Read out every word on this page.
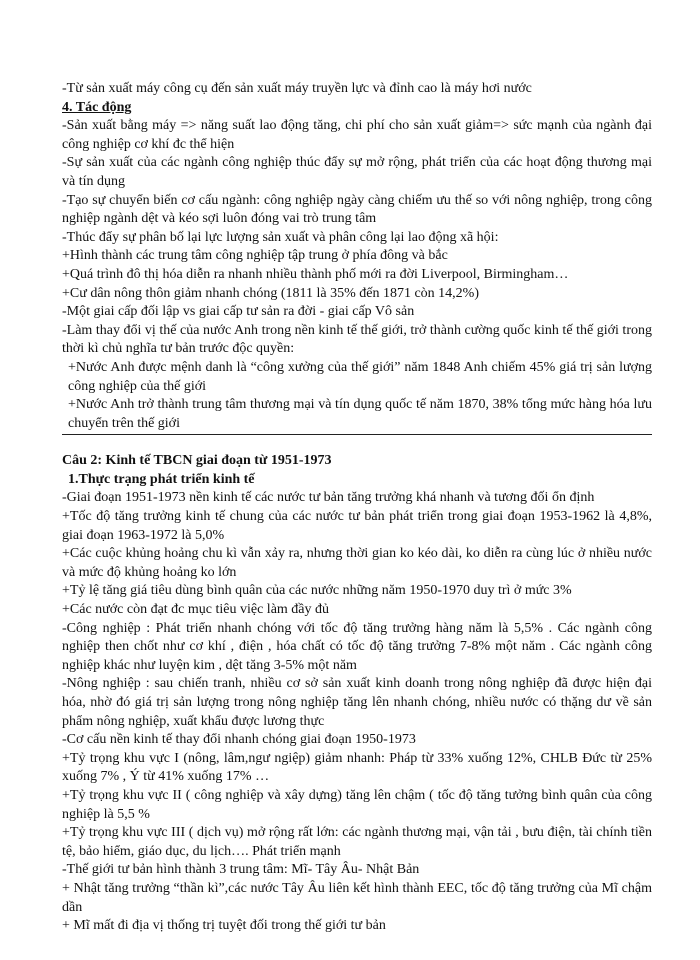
-Từ sản xuất máy công cụ đến sản xuất máy truyền lực và đỉnh cao là máy hơi nước

4. Tác động

-Sản xuất bằng máy => năng suất lao động tăng, chi phí cho sản xuất giảm=> sức mạnh của ngành đại công nghiệp cơ khí đc thể hiện

-Sự sản xuất của các ngành công nghiệp thúc đẩy sự mở rộng, phát triển của các hoạt động thương mại và tín dụng

-Tạo sự chuyển biến cơ cấu ngành: công nghiệp ngày càng chiếm ưu thế so với nông nghiệp, trong công nghiệp ngành dệt và kéo sợi luôn đóng vai trò trung tâm

-Thúc đẩy sự phân bố lại lực lượng sản xuất và phân công lại lao động xã hội:

+Hình thành các trung tâm công nghiệp tập trung ở phía đông và bắc

+Quá trình đô thị hóa diễn ra nhanh nhiều thành phố mới ra đời Liverpool, Birmingham…

+Cư dân nông thôn giảm nhanh chóng (1811 là 35% đến 1871 còn 14,2%)

-Một giai cấp đối lập vs giai cấp tư sản ra đời - giai cấp Vô sản

-Làm thay đổi vị thế của nước Anh trong nền kinh tế thế giới, trở thành cường quốc kinh tế thế giới trong thời kì chủ nghĩa tư bản trước độc quyền:

+Nước Anh được mệnh danh là “công xưởng của thế giới” năm 1848 Anh chiếm 45% giá trị sản lượng công nghiệp của thế giới

+Nước Anh trở thành trung tâm thương mại và tín dụng quốc tế năm 1870, 38% tổng mức hàng hóa lưu chuyển trên thế giới

Câu 2: Kinh tế TBCN giai đoạn từ 1951-1973

1.Thực trạng phát triển kinh tế

-Giai đoạn 1951-1973 nền kinh tế các nước tư bản tăng trưởng khá nhanh và tương đối ổn định

+Tốc độ tăng trưởng kinh tế chung của các nước tư bản phát triển trong giai đoạn 1953-1962 là 4,8%, giai đoạn 1963-1972 là 5,0%

+Các cuộc khủng hoảng chu kì vẫn xảy ra, nhưng thời gian ko kéo dài, ko diễn ra cùng lúc ở nhiều nước và mức độ khủng hoảng ko lớn

+Tỷ lệ tăng giá tiêu dùng bình quân của các nước những năm 1950-1970 duy trì ở mức 3%

+Các nước còn đạt đc mục tiêu việc làm đầy đủ

-Công nghiệp : Phát triển nhanh chóng với tốc độ tăng trưởng hàng năm là 5,5% . Các ngành công nghiệp then chốt như cơ khí , điện , hóa chất có tốc độ tăng trưởng 7-8% một năm . Các ngành công nghiệp khác như luyện kim , dệt tăng 3-5% một năm

-Nông nghiệp : sau chiến tranh, nhiều cơ sở sản xuất kinh doanh trong nông nghiệp đã được hiện đại hóa, nhờ đó giá trị sản lượng trong nông nghiệp tăng lên nhanh chóng, nhiều nước có thặng dư về sản phẩm nông nghiệp, xuất khẩu được lương thực

-Cơ cấu nền kinh tế thay đổi nhanh chóng giai đoạn 1950-1973

+Tỷ trọng khu vực I (nông, lâm,ngư ngiệp) giảm nhanh: Pháp từ 33% xuống 12%, CHLB Đức từ 25% xuống 7% , Ý từ 41% xuống 17% …

+Tỷ trọng khu vực II ( công nghiệp và xây dựng) tăng lên chậm ( tốc độ tăng tưởng bình quân của công nghiệp là 5,5 %

+Tỷ trọng khu vực III ( dịch vụ) mở rộng rất lớn: các ngành thương mại, vận tải , bưu điện, tài chính tiền tệ, bảo hiểm, giáo dục, du lịch…. Phát triển mạnh

-Thế giới tư bản hình thành 3 trung tâm: Mĩ- Tây Âu- Nhật Bản

+ Nhật tăng trưởng “thần kì”,các nước Tây Âu liên kết hình thành EEC, tốc độ tăng trưởng của Mĩ chậm dần

+ Mĩ mất đi địa vị thống trị tuyệt đối trong thế giới tư bản
